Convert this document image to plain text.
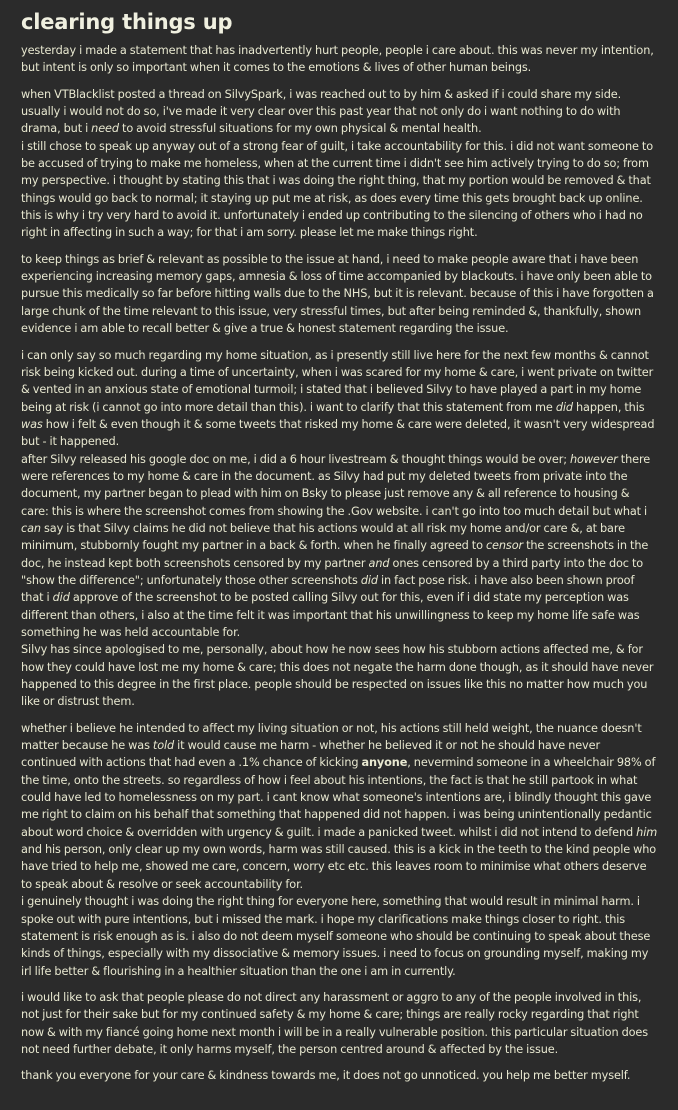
clearing things up

yesterday i made a statement that has inadvertently hurt people, people i care about. this was never my intention, but intent is only so important when it comes to the emotions & lives of other human beings.

when VTBlacklist posted a thread on SilvySpark, i was reached out to by him & asked if i could share my side. usually i would not do so, i've made it very clear over this past year that not only do i want nothing to do with drama, but i need to avoid stressful situations for my own physical & mental health.
i still chose to speak up anyway out of a strong fear of guilt, i take accountability for this. i did not want someone to be accused of trying to make me homeless, when at the current time i didn't see him actively trying to do so; from my perspective. i thought by stating this that i was doing the right thing, that my portion would be removed & that things would go back to normal; it staying up put me at risk, as does every time this gets brought back up online. this is why i try very hard to avoid it. unfortunately i ended up contributing to the silencing of others who i had no right in affecting in such a way; for that i am sorry. please let me make things right.

to keep things as brief & relevant as possible to the issue at hand, i need to make people aware that i have been experiencing increasing memory gaps, amnesia & loss of time accompanied by blackouts. i have only been able to pursue this medically so far before hitting walls due to the NHS, but it is relevant. because of this i have forgotten a large chunk of the time relevant to this issue, very stressful times, but after being reminded &, thankfully, shown evidence i am able to recall better & give a true & honest statement regarding the issue.

i can only say so much regarding my home situation, as i presently still live here for the next few months & cannot risk being kicked out. during a time of uncertainty, when i was scared for my home & care, i went private on twitter & vented in an anxious state of emotional turmoil; i stated that i believed Silvy to have played a part in my home being at risk (i cannot go into more detail than this). i want to clarify that this statement from me did happen, this was how i felt & even though it & some tweets that risked my home & care were deleted, it wasn't very widespread but - it happened.
after Silvy released his google doc on me, i did a 6 hour livestream & thought things would be over; however there were references to my home & care in the document. as Silvy had put my deleted tweets from private into the document, my partner began to plead with him on Bsky to please just remove any & all reference to housing & care: this is where the screenshot comes from showing the .Gov website. i can't go into too much detail but what i can say is that Silvy claims he did not believe that his actions would at all risk my home and/or care &, at bare minimum, stubbornly fought my partner in a back & forth. when he finally agreed to censor the screenshots in the doc, he instead kept both screenshots censored by my partner and ones censored by a third party into the doc to "show the difference"; unfortunately those other screenshots did in fact pose risk. i have also been shown proof that i did approve of the screenshot to be posted calling Silvy out for this, even if i did state my perception was different than others, i also at the time felt it was important that his unwillingness to keep my home life safe was something he was held accountable for.
Silvy has since apologised to me, personally, about how he now sees how his stubborn actions affected me, & for how they could have lost me my home & care; this does not negate the harm done though, as it should have never happened to this degree in the first place. people should be respected on issues like this no matter how much you like or distrust them.

whether i believe he intended to affect my living situation or not, his actions still held weight, the nuance doesn't matter because he was told it would cause me harm - whether he believed it or not he should have never continued with actions that had even a .1% chance of kicking anyone, nevermind someone in a wheelchair 98% of the time, onto the streets. so regardless of how i feel about his intentions, the fact is that he still partook in what could have led to homelessness on my part. i cant know what someone's intentions are, i blindly thought this gave me right to claim on his behalf that something that happened did not happen. i was being unintentionally pedantic about word choice & overridden with urgency & guilt. i made a panicked tweet. whilst i did not intend to defend him and his person, only clear up my own words, harm was still caused. this is a kick in the teeth to the kind people who have tried to help me, showed me care, concern, worry etc etc. this leaves room to minimise what others deserve to speak about & resolve or seek accountability for.
i genuinely thought i was doing the right thing for everyone here, something that would result in minimal harm. i spoke out with pure intentions, but i missed the mark. i hope my clarifications make things closer to right. this statement is risk enough as is. i also do not deem myself someone who should be continuing to speak about these kinds of things, especially with my dissociative & memory issues. i need to focus on grounding myself, making my irl life better & flourishing in a healthier situation than the one i am in currently.

i would like to ask that people please do not direct any harassment or aggro to any of the people involved in this, not just for their sake but for my continued safety & my home & care; things are really rocky regarding that right now & with my fiancé going home next month i will be in a really vulnerable position. this particular situation does not need further debate, it only harms myself, the person centred around & affected by the issue.

thank you everyone for your care & kindness towards me, it does not go unnoticed. you help me better myself.
